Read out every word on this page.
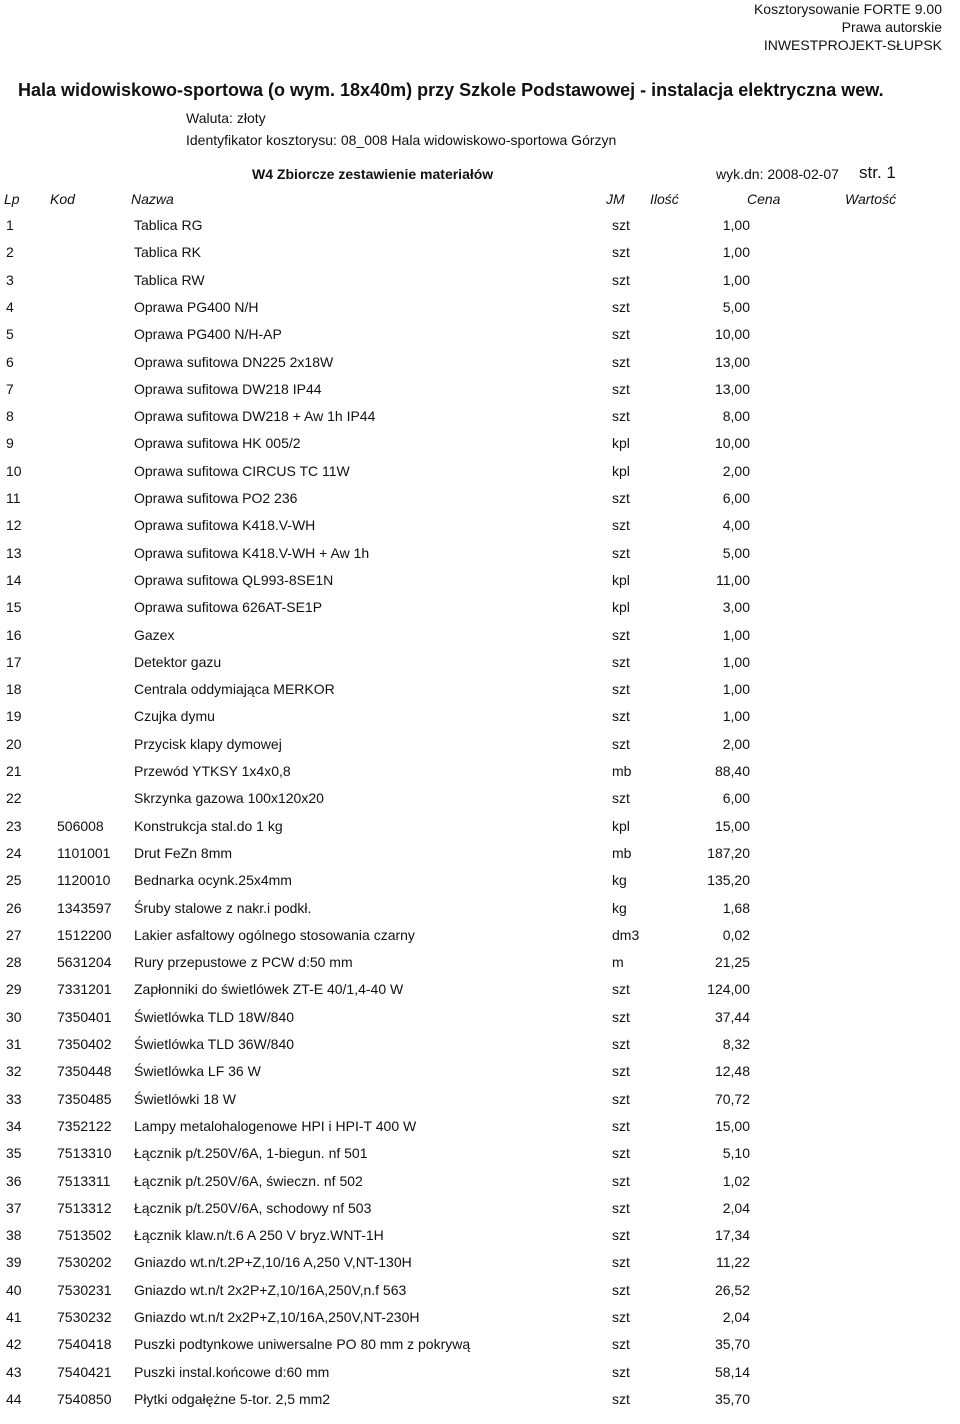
Kosztorysowanie FORTE 9.00
Prawa autorskie
INWESTPROJEKT-SŁUPSK
Hala widowiskowo-sportowa (o wym. 18x40m) przy Szkole Podstawowej - instalacja elektryczna wew.
Waluta: złoty
Identyfikator kosztorysu: 08_008 Hala widowiskowo-sportowa Górzyn
W4 Zbiorcze zestawienie materiałów	wyk.dn: 2008-02-07 str. 1
Lp Kod	Nazwa	JM Ilość	Cena	Wartość
1	Tablica RG	szt	1,00
2	Tablica RK	szt	1,00
3	Tablica RW	szt	1,00
4	Oprawa PG400 N/H	szt	5,00
5	Oprawa PG400 N/H-AP	szt	10,00
6	Oprawa sufitowa DN225 2x18W	szt	13,00
7	Oprawa sufitowa DW218 IP44	szt	13,00
8	Oprawa sufitowa DW218 + Aw 1h IP44	szt	8,00
9	Oprawa sufitowa HK 005/2	kpl	10,00
10	Oprawa sufitowa CIRCUS TC 11W	kpl	2,00
11	Oprawa sufitowa PO2 236	szt	6,00
12	Oprawa sufitowa K418.V-WH	szt	4,00
13	Oprawa sufitowa K418.V-WH + Aw 1h	szt	5,00
14	Oprawa sufitowa QL993-8SE1N	kpl	11,00
15	Oprawa sufitowa 626AT-SE1P	kpl	3,00
16	Gazex	szt	1,00
17	Detektor gazu	szt	1,00
18	Centrala oddymiająca MERKOR	szt	1,00
19	Czujka dymu	szt	1,00
20	Przycisk klapy dymowej	szt	2,00
21	Przewód YTKSY 1x4x0,8	mb	88,40
22	Skrzynka gazowa 100x120x20	szt	6,00
23	506008 Konstrukcja stal.do 1 kg	kpl	15,00
24	1101001 Drut FeZn 8mm	mb	187,20
25	1120010 Bednarka ocynk.25x4mm	kg	135,20
26	1343597 Śruby stalowe z nakr.i podkł.	kg	1,68
27	1512200 Lakier asfaltowy ogólnego stosowania czarny	dm3	0,02
28	5631204 Rury przepustowe z PCW d:50 mm	m	21,25
29	7331201 Zapłonniki do świetlówek ZT-E 40/1,4-40 W	szt	124,00
30	7350401 Świetlówka TLD 18W/840	szt	37,44
31	7350402 Świetlówka TLD 36W/840	szt	8,32
32	7350448 Świetlówka LF 36 W	szt	12,48
33	7350485 Świetlówki 18 W	szt	70,72
34	7352122 Lampy metalohalogenowe HPI i HPI-T 400 W	szt	15,00
35	7513310 Łącznik p/t.250V/6A, 1-biegun. nf 501	szt	5,10
36	7513311 Łącznik p/t.250V/6A, świeczn. nf 502	szt	1,02
37	7513312 Łącznik p/t.250V/6A, schodowy nf 503	szt	2,04
38	7513502 Łącznik klaw.n/t.6 A 250 V bryz.WNT-1H	szt	17,34
39	7530202 Gniazdo wt.n/t.2P+Z,10/16 A,250 V,NT-130H	szt	11,22
40	7530231 Gniazdo wt.n/t 2x2P+Z,10/16A,250V,n.f 563	szt	26,52
41	7530232 Gniazdo wt.n/t 2x2P+Z,10/16A,250V,NT-230H	szt	2,04
42	7540418 Puszki podtynkowe uniwersalne PO 80 mm z pokrywą	szt	35,70
43	7540421 Puszki instal.końcowe d:60 mm	szt	58,14
44	7540850 Płytki odgałężne 5-tor. 2,5 mm2	szt	35,70
